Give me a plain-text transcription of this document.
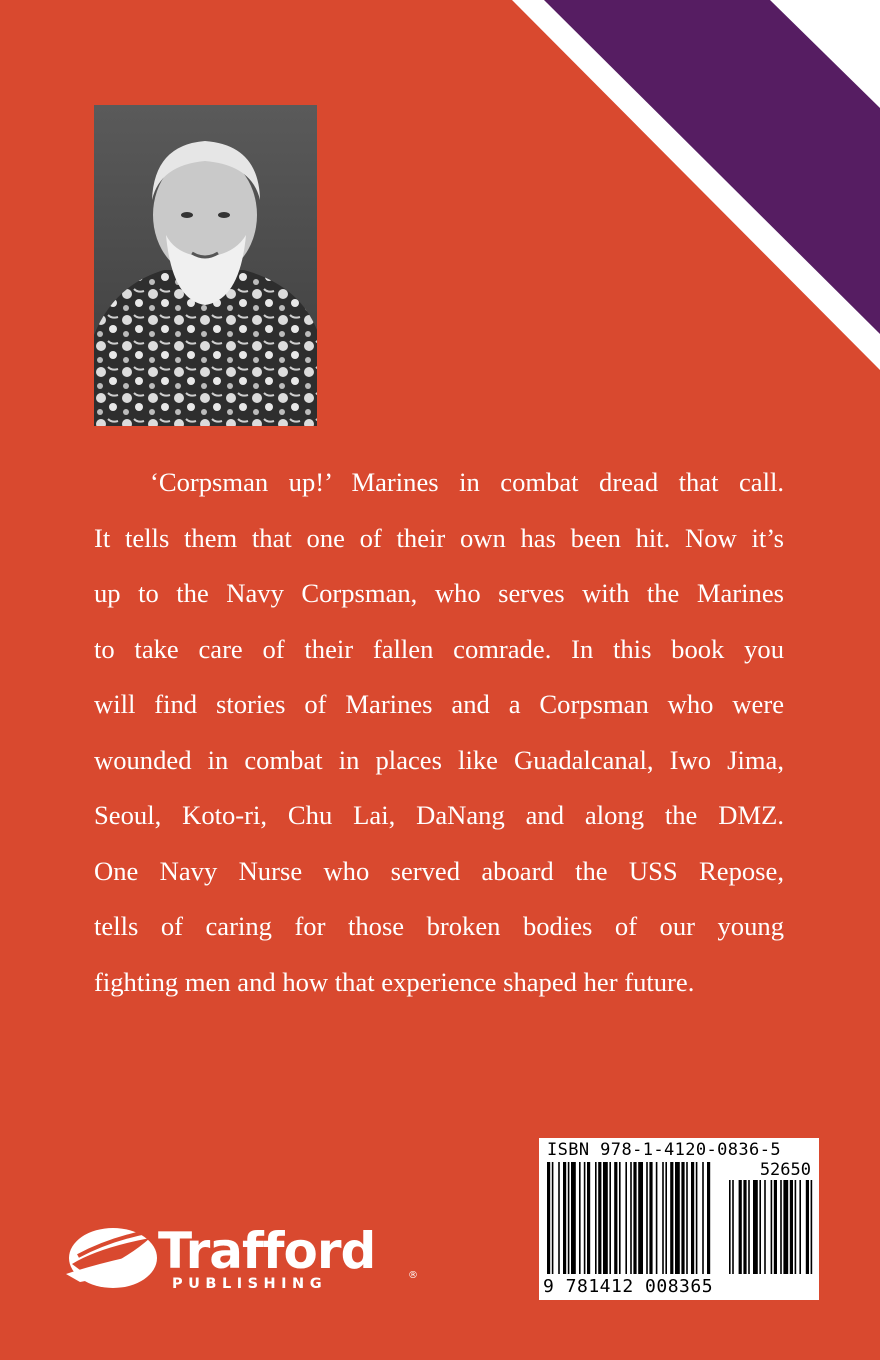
‘Corpsman up!’ Marines in combat dread that call.
It tells them that one of their own has been hit. Now it’s
up to the Navy Corpsman, who serves with the Marines
to take care of their fallen comrade. In this book you
will find stories of Marines and a Corpsman who were
wounded in combat in places like Guadalcanal, Iwo Jima,
Seoul, Koto-ri, Chu Lai, DaNang and along the DMZ.
One Navy Nurse who served aboard the USS Repose,
tells of caring for those broken bodies of our young
fighting men and how that experience shaped her future.
Trafford
PUBLISHING
®
ISBN 978-1-4120-0836-5
52650
9 781412 008365
